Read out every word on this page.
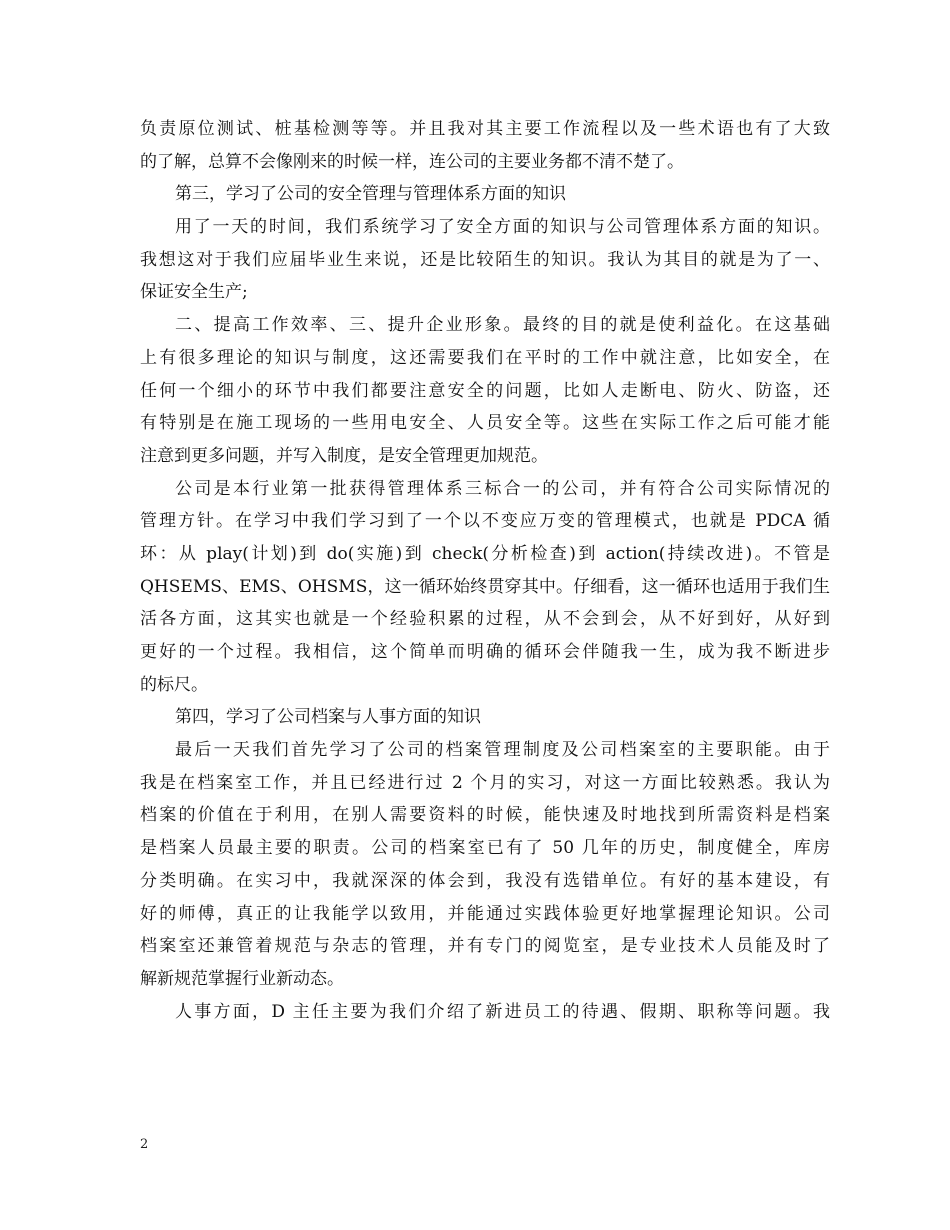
负责原位测试、桩基检测等等。并且我对其主要工作流程以及一些术语也有了大致
的了解，总算不会像刚来的时候一样，连公司的主要业务都不清不楚了。
第三，学习了公司的安全管理与管理体系方面的知识
用了一天的时间，我们系统学习了安全方面的知识与公司管理体系方面的知识。
我想这对于我们应届毕业生来说，还是比较陌生的知识。我认为其目的就是为了一、
保证安全生产;
二、提高工作效率、三、提升企业形象。最终的目的就是使利益化。在这基础
上有很多理论的知识与制度，这还需要我们在平时的工作中就注意，比如安全，在
任何一个细小的环节中我们都要注意安全的问题，比如人走断电、防火、防盗，还
有特别是在施工现场的一些用电安全、人员安全等。这些在实际工作之后可能才能
注意到更多问题，并写入制度，是安全管理更加规范。
公司是本行业第一批获得管理体系三标合一的公司，并有符合公司实际情况的
管理方针。在学习中我们学习到了一个以不变应万变的管理模式，也就是 PDCA 循
环：从 play(计划)到 do(实施)到 check(分析检查)到 action(持续改进)。不管是
QHSEMS、EMS、OHSMS，这一循环始终贯穿其中。仔细看，这一循环也适用于我们生
活各方面，这其实也就是一个经验积累的过程，从不会到会，从不好到好，从好到
更好的一个过程。我相信，这个简单而明确的循环会伴随我一生，成为我不断进步
的标尺。
第四，学习了公司档案与人事方面的知识
最后一天我们首先学习了公司的档案管理制度及公司档案室的主要职能。由于
我是在档案室工作，并且已经进行过 2 个月的实习，对这一方面比较熟悉。我认为
档案的价值在于利用，在别人需要资料的时候，能快速及时地找到所需资料是档案
是档案人员最主要的职责。公司的档案室已有了 50 几年的历史，制度健全，库房
分类明确。在实习中，我就深深的体会到，我没有选错单位。有好的基本建设，有
好的师傅，真正的让我能学以致用，并能通过实践体验更好地掌握理论知识。公司
档案室还兼管着规范与杂志的管理，并有专门的阅览室，是专业技术人员能及时了
解新规范掌握行业新动态。
人事方面，D 主任主要为我们介绍了新进员工的待遇、假期、职称等问题。我
2
